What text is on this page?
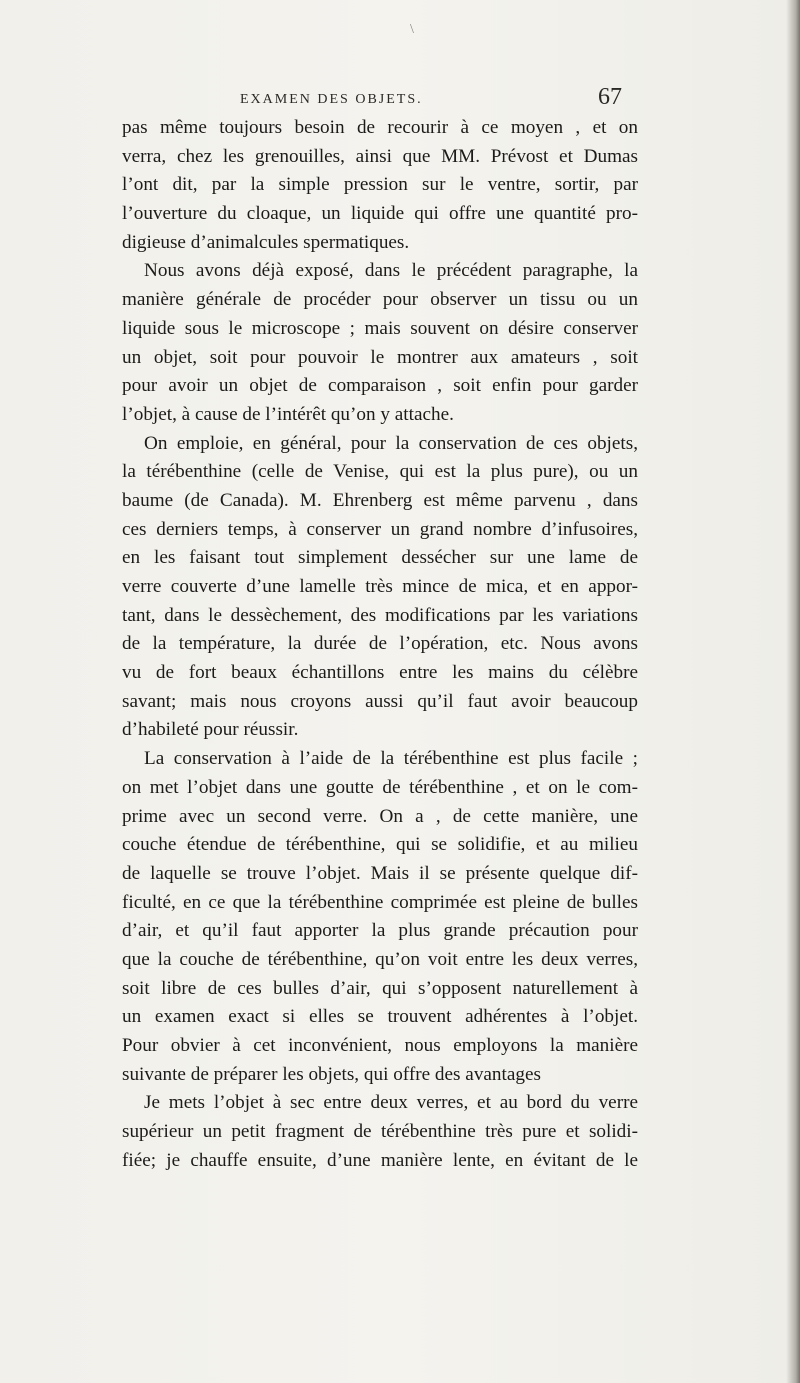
\
EXAMEN DES OBJETS.	67
pas même toujours besoin de recourir à ce moyen , et on
verra, chez les grenouilles, ainsi que MM. Prévost et Dumas
l’ont dit, par la simple pression sur le ventre, sortir, par
l’ouverture du cloaque, un liquide qui offre une quantité pro-
digieuse d’animalcules spermatiques.
Nous avons déjà exposé, dans le précédent paragraphe, la
manière générale de procéder pour observer un tissu ou un
liquide sous le microscope ; mais souvent on désire conserver
un objet, soit pour pouvoir le montrer aux amateurs , soit
pour avoir un objet de comparaison , soit enfin pour garder
l’objet, à cause de l’intérêt qu’on y attache.
On emploie, en général, pour la conservation de ces objets,
la térébenthine (celle de Venise, qui est la plus pure), ou un
baume (de Canada). M. Ehrenberg est même parvenu , dans
ces derniers temps, à conserver un grand nombre d’infusoires,
en les faisant tout simplement dessécher sur une lame de
verre couverte d’une lamelle très mince de mica, et en appor-
tant, dans le dessèchement, des modifications par les variations
de la température, la durée de l’opération, etc. Nous avons
vu de fort beaux échantillons entre les mains du célèbre
savant; mais nous croyons aussi qu’il faut avoir beaucoup
d’habileté pour réussir.
La conservation à l’aide de la térébenthine est plus facile ;
on met l’objet dans une goutte de térébenthine , et on le com-
prime avec un second verre. On a , de cette manière, une
couche étendue de térébenthine, qui se solidifie, et au milieu
de laquelle se trouve l’objet. Mais il se présente quelque dif-
ficulté, en ce que la térébenthine comprimée est pleine de bulles
d’air, et qu’il faut apporter la plus grande précaution pour
que la couche de térébenthine, qu’on voit entre les deux verres,
soit libre de ces bulles d’air, qui s’opposent naturellement à
un examen exact si elles se trouvent adhérentes à l’objet.
Pour obvier à cet inconvénient, nous employons la manière
suivante de préparer les objets, qui offre des avantages
Je mets l’objet à sec entre deux verres, et au bord du verre
supérieur un petit fragment de térébenthine très pure et solidi-
fiée; je chauffe ensuite, d’une manière lente, en évitant de le
